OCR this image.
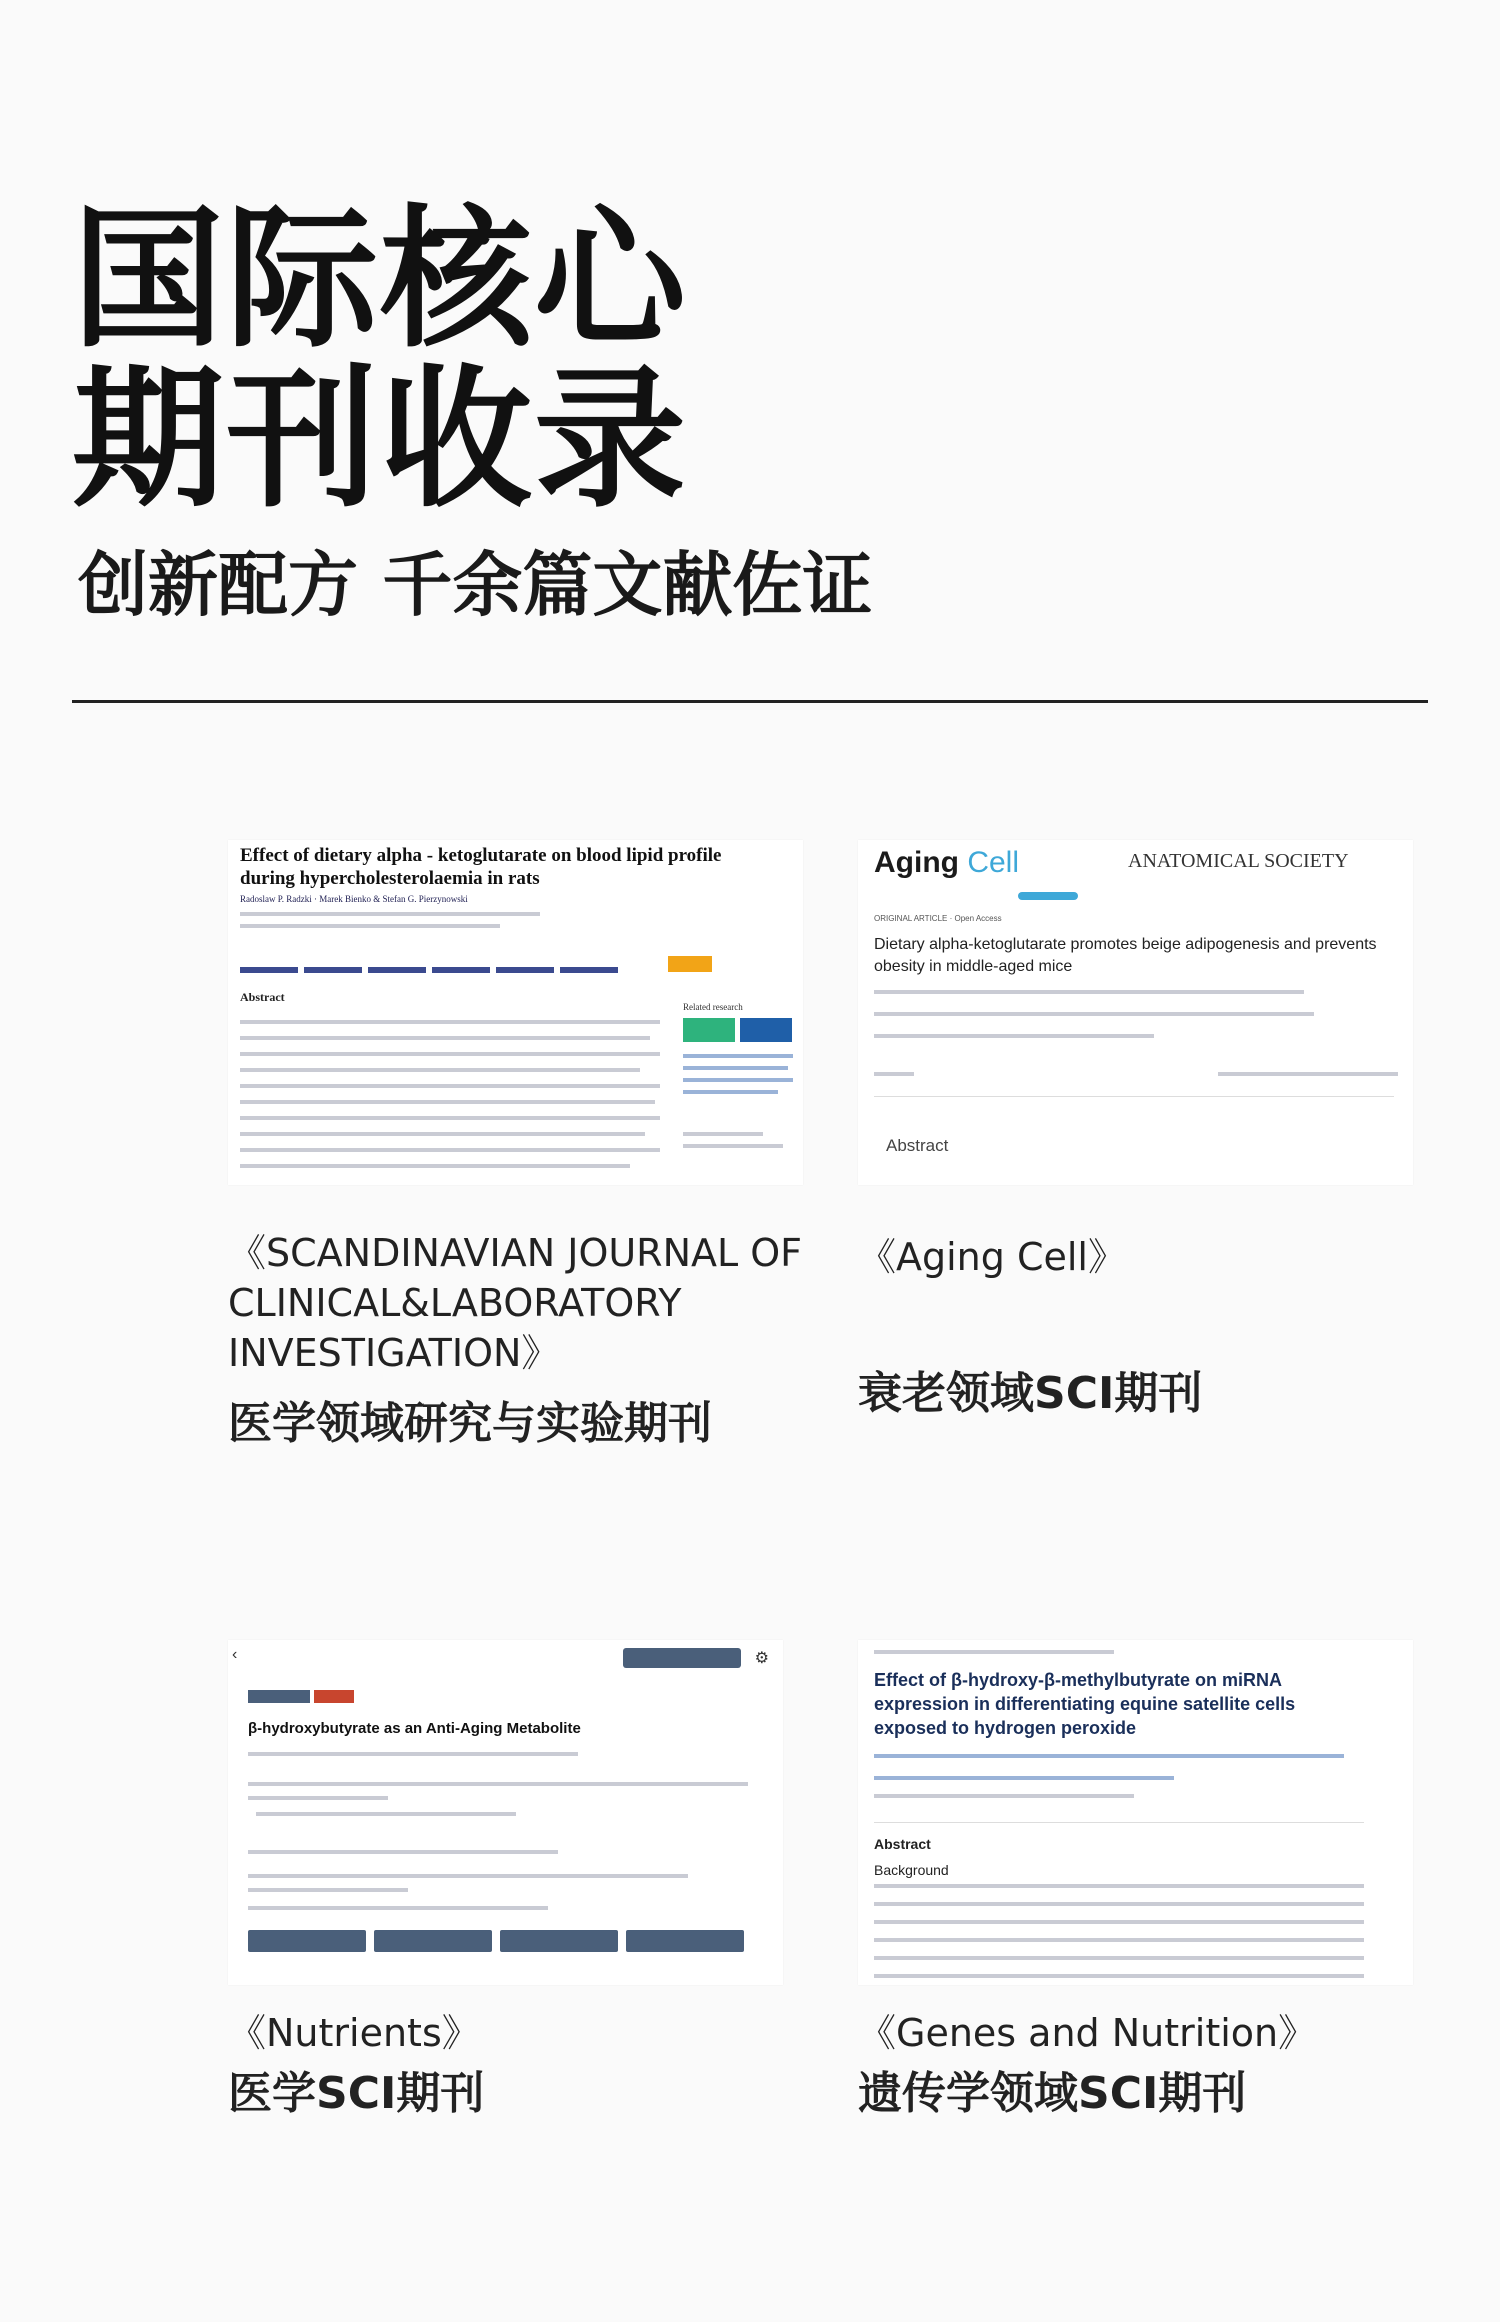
国际核心
期刊收录

创新配方 千余篇文献佐证

Effect of dietary alpha - ketoglutarate on blood lipid profile during hypercholesterolaemia in rats
Radoslaw P. Radzki · Marek Bienko & Stefan G. Pierzynowski
Abstract
Related research

《SCANDINAVIAN JOURNAL OF CLINICAL&LABORATORY INVESTIGATION》

医学领域研究与实验期刊

Aging Cell	ANATOMICAL SOCIETY
ORIGINAL ARTICLE · Open Access
Dietary alpha-ketoglutarate promotes beige adipogenesis and prevents obesity in middle-aged mice
Abstract

《Aging Cell》

衰老领域SCI期刊

‹	⚙
β-hydroxybutyrate as an Anti-Aging Metabolite

《Nutrients》

医学SCI期刊

Effect of β-hydroxy-β-methylbutyrate on miRNA expression in differentiating equine satellite cells exposed to hydrogen peroxide
Abstract
Background

《Genes and Nutrition》

遗传学领域SCI期刊
